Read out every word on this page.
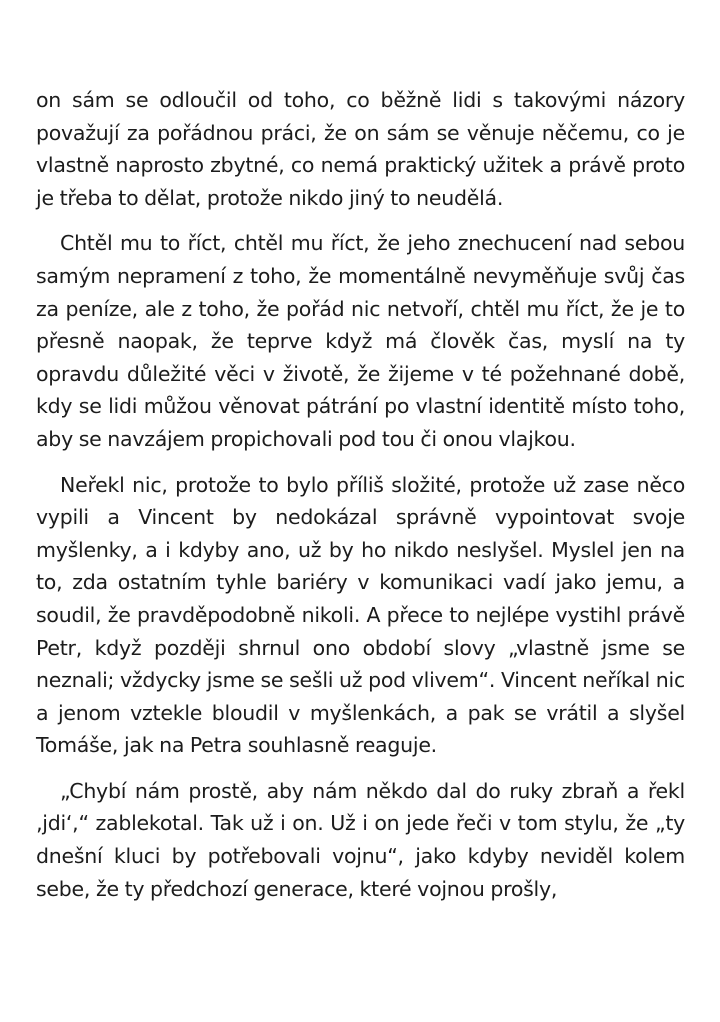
on sám se odloučil od toho, co běžně lidi s takovými názory považují za pořádnou práci, že on sám se věnuje něčemu, co je vlastně naprosto zbytné, co nemá praktický užitek a právě proto je třeba to dělat, protože nikdo jiný to neudělá.

Chtěl mu to říct, chtěl mu říct, že jeho znechucení nad sebou samým nepramení z toho, že momentálně nevyměňuje svůj čas za peníze, ale z toho, že pořád nic netvoří, chtěl mu říct, že je to přesně naopak, že teprve když má člověk čas, myslí na ty opravdu důležité věci v životě, že žijeme v té požehnané době, kdy se lidi můžou věnovat pátrání po vlastní identitě místo toho, aby se navzájem propichovali pod tou či onou vlajkou.

Neřekl nic, protože to bylo příliš složité, protože už zase něco vypili a Vincent by nedokázal správně vypointovat svoje myšlenky, a i kdyby ano, už by ho nikdo neslyšel. Myslel jen na to, zda ostatním tyhle bariéry v komunikaci vadí jako jemu, a soudil, že pravděpodobně nikoli. A přece to nejlépe vystihl právě Petr, když později shrnul ono období slovy „vlastně jsme se neznali; vždycky jsme se sešli už pod vlivem“. Vincent neříkal nic a jenom vztekle bloudil v myšlenkách, a pak se vrátil a slyšel Tomáše, jak na Petra souhlasně reaguje.

„Chybí nám prostě, aby nám někdo dal do ruky zbraň a řekl ‚jdi‘,“ zablekotal. Tak už i on. Už i on jede řeči v tom stylu, že „ty dnešní kluci by potřebovali vojnu“, jako kdyby neviděl kolem sebe, že ty předchozí generace, které vojnou prošly,
